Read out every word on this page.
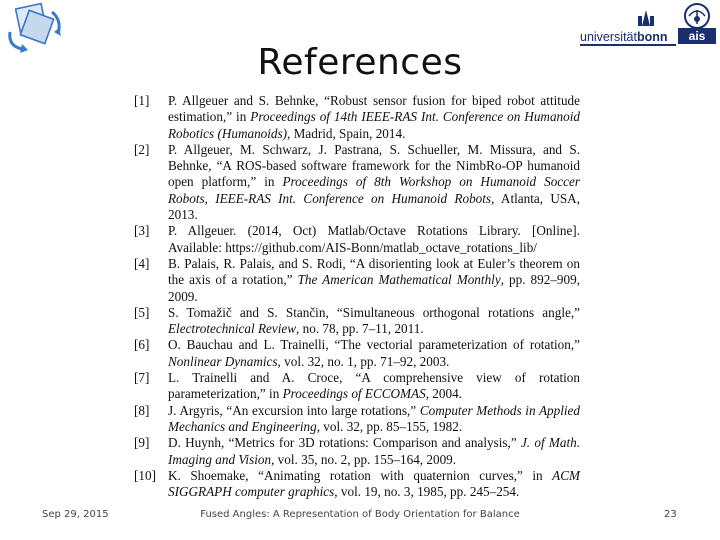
universitätbonn	ais
References
[1]	P. Allgeuer and S. Behnke, “Robust sensor fusion for biped robot attitude estimation,” in Proceedings of 14th IEEE-RAS Int. Conference on Humanoid Robotics (Humanoids), Madrid, Spain, 2014.
[2]	P. Allgeuer, M. Schwarz, J. Pastrana, S. Schueller, M. Missura, and S. Behnke, “A ROS-based software framework for the NimbRo-OP humanoid open platform,” in Proceedings of 8th Workshop on Humanoid Soccer Robots, IEEE-RAS Int. Conference on Humanoid Robots, Atlanta, USA, 2013.
[3]	P. Allgeuer. (2014, Oct) Matlab/Octave Rotations Library. [Online]. Available: https://github.com/AIS-Bonn/matlab_octave_rotations_lib/
[4]	B. Palais, R. Palais, and S. Rodi, “A disorienting look at Euler’s theorem on the axis of a rotation,” The American Mathematical Monthly, pp. 892–909, 2009.
[5]	S. Tomažič and S. Stančin, “Simultaneous orthogonal rotations angle,” Electrotechnical Review, no. 78, pp. 7–11, 2011.
[6]	O. Bauchau and L. Trainelli, “The vectorial parameterization of rotation,” Nonlinear Dynamics, vol. 32, no. 1, pp. 71–92, 2003.
[7]	L. Trainelli and A. Croce, “A comprehensive view of rotation parameterization,” in Proceedings of ECCOMAS, 2004.
[8]	J. Argyris, “An excursion into large rotations,” Computer Methods in Applied Mechanics and Engineering, vol. 32, pp. 85–155, 1982.
[9]	D. Huynh, “Metrics for 3D rotations: Comparison and analysis,” J. of Math. Imaging and Vision, vol. 35, no. 2, pp. 155–164, 2009.
[10] K. Shoemake, “Animating rotation with quaternion curves,” in ACM SIGGRAPH computer graphics, vol. 19, no. 3, 1985, pp. 245–254.
Sep 29, 2015	Fused Angles: A Representation of Body Orientation for Balance	23
